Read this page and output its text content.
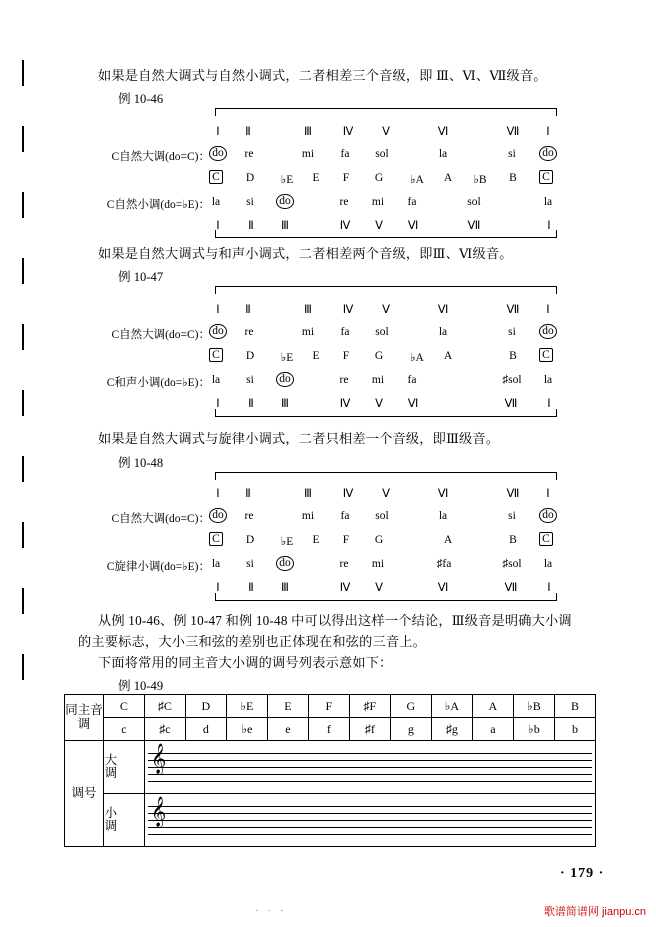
如果是自然大调式与自然小调式，二者相差三个音级，即 Ⅲ、Ⅵ、Ⅶ级音。
例 10-46
Ⅰ	Ⅱ	Ⅲ	Ⅳ	Ⅴ	Ⅵ	Ⅶ	Ⅰ
C自然大调(do=C)： do	re	mi	fa	sol	la	si	do
C	D	♭E	E	F	G	♭A	A	♭B	B	C
C自然小调(do=♭E)： la	si	do	re	mi	fa	sol	la
Ⅰ	Ⅱ	Ⅲ	Ⅳ	Ⅴ	Ⅵ	Ⅶ	Ⅰ
如果是自然大调式与和声小调式，二者相差两个音级，即Ⅲ、Ⅵ级音。
例 10-47
Ⅰ	Ⅱ	Ⅲ	Ⅳ	Ⅴ	Ⅵ	Ⅶ	Ⅰ
C自然大调(do=C)： do	re	mi	fa	sol	la	si	do
C	D	♭E	E	F	G	♭A	A	B	C
C和声小调(do=♭E)： la	si	do	re	mi	fa	♯sol	la
Ⅰ	Ⅱ	Ⅲ	Ⅳ	Ⅴ	Ⅵ	Ⅶ	Ⅰ
如果是自然大调式与旋律小调式，二者只相差一个音级，即Ⅲ级音。
例 10-48
Ⅰ	Ⅱ	Ⅲ	Ⅳ	Ⅴ	Ⅵ	Ⅶ	Ⅰ
C自然大调(do=C)： do	re	mi	fa	sol	la	si	do
C	D	♭E	E	F	G	A	B	C
C旋律小调(do=♭E)： la	si	do	re	mi	♯fa	♯sol	la
Ⅰ	Ⅱ	Ⅲ	Ⅳ	Ⅴ	Ⅵ	Ⅶ	Ⅰ
从例 10-46、例 10-47 和例 10-48 中可以得出这样一个结论，Ⅲ级音是明确大小调
的主要标志，大小三和弦的差别也正体现在和弦的三音上。
下面将常用的同主音大小调的调号列表示意如下：
例 10-49
同主音调	C	♯C	D	♭E	E	F	♯F	G	♭A	A	♭B	B
	c	♯c	d	♭e	e	f	♯f	g	♯g	a	♭b	b

调号	大调	𝄞										

	小调	𝄞										
· 179 ·
· · ·	歌谱简谱网 jianpu.cn
